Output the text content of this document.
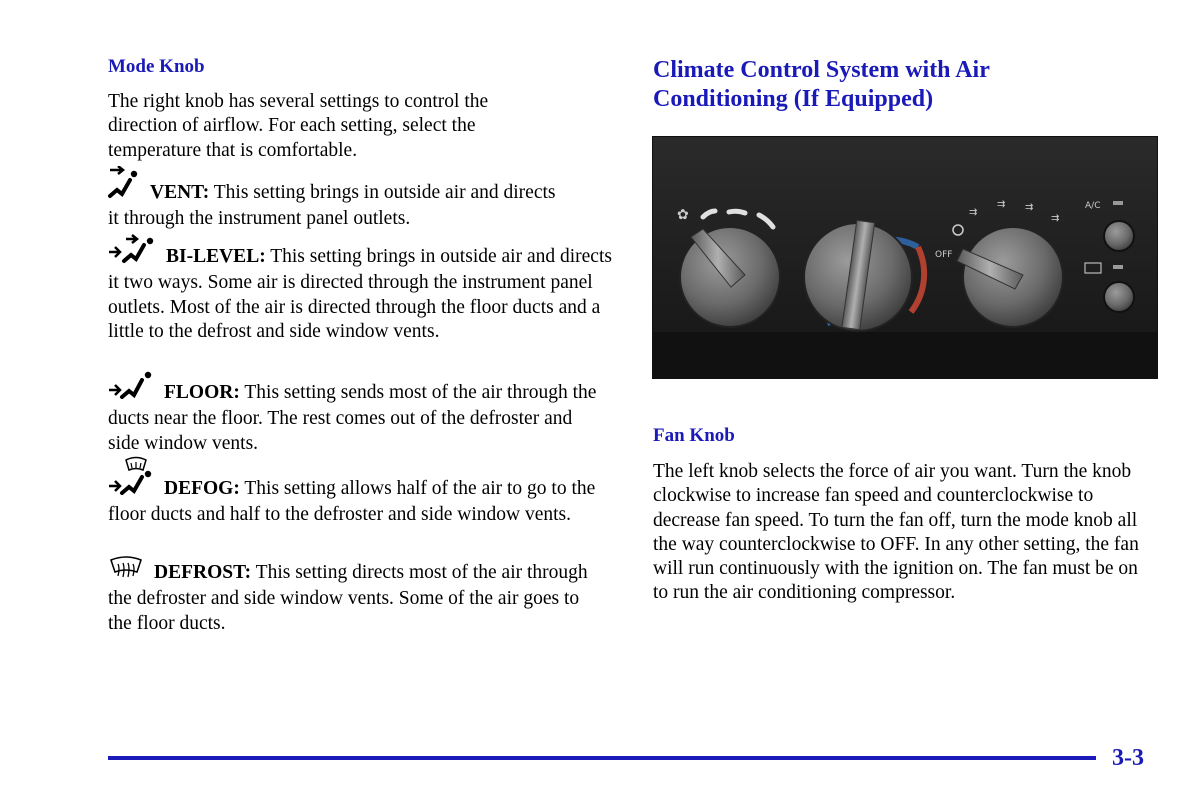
Mode Knob
The right knob has several settings to control the direction of airflow. For each setting, select the temperature that is comfortable.
VENT: This setting brings in outside air and directs it through the instrument panel outlets.
BI-LEVEL: This setting brings in outside air and directs it two ways. Some air is directed through the instrument panel outlets. Most of the air is directed through the floor ducts and a little to the defrost and side window vents.
FLOOR: This setting sends most of the air through the ducts near the floor. The rest comes out of the defroster and side window vents.
DEFOG: This setting allows half of the air to go to the floor ducts and half to the defroster and side window vents.
DEFROST: This setting directs most of the air through the defroster and side window vents. Some of the air goes to the floor ducts.
Climate Control System with Air Conditioning (If Equipped)
✿	⇉
⇉ ⇉
⇉
OFF
A/C
Fan Knob
The left knob selects the force of air you want. Turn the knob clockwise to increase fan speed and counterclockwise to decrease fan speed. To turn the fan off, turn the mode knob all the way counterclockwise to OFF. In any other setting, the fan will run continuously with the ignition on. The fan must be on to run the air conditioning compressor.
3-3
